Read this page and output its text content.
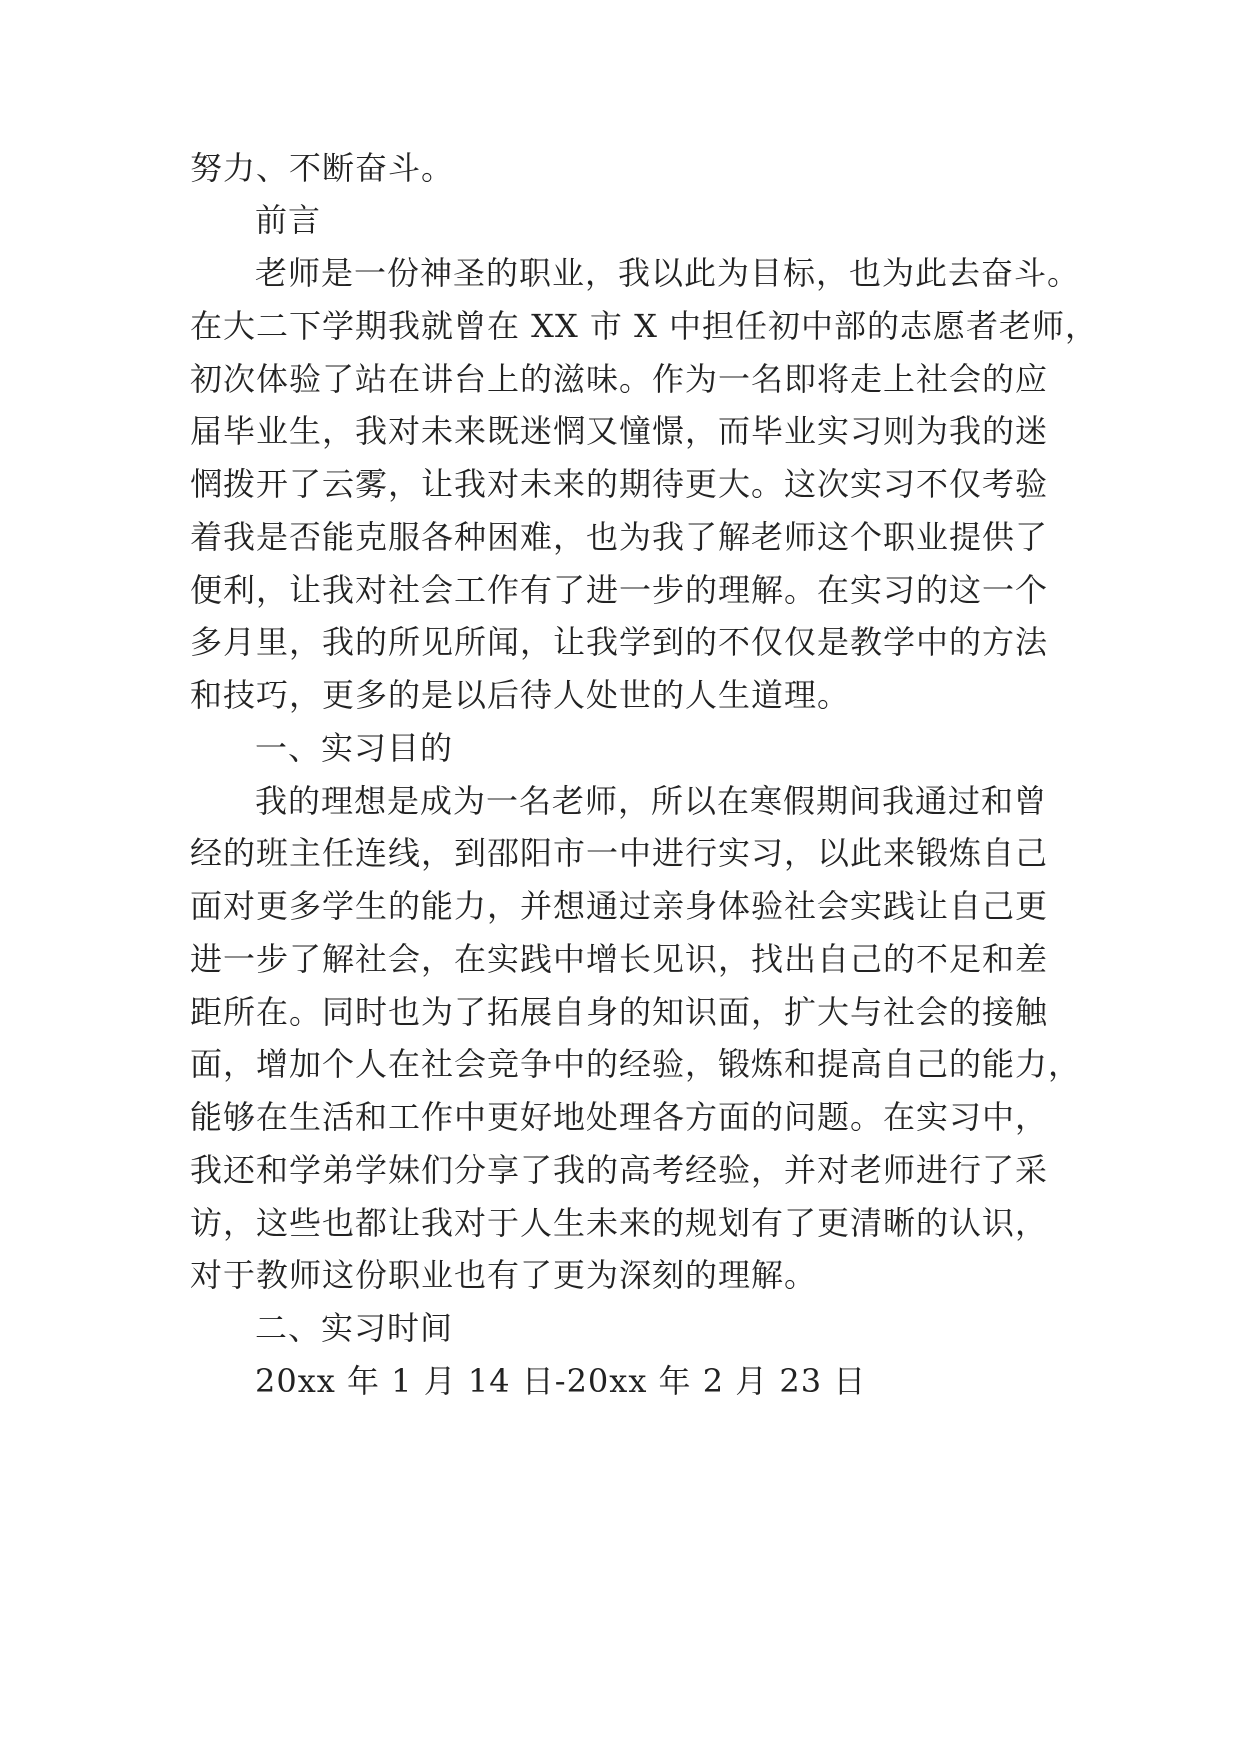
努力、不断奋斗。
前言
老师是一份神圣的职业，我以此为目标，也为此去奋斗。
在大二下学期我就曾在 XX 市 X 中担任初中部的志愿者老师，
初次体验了站在讲台上的滋味。作为一名即将走上社会的应
届毕业生，我对未来既迷惘又憧憬，而毕业实习则为我的迷
惘拨开了云雾，让我对未来的期待更大。这次实习不仅考验
着我是否能克服各种困难，也为我了解老师这个职业提供了
便利，让我对社会工作有了进一步的理解。在实习的这一个
多月里，我的所见所闻，让我学到的不仅仅是教学中的方法
和技巧，更多的是以后待人处世的人生道理。
一、实习目的
我的理想是成为一名老师，所以在寒假期间我通过和曾
经的班主任连线，到邵阳市一中进行实习，以此来锻炼自己
面对更多学生的能力，并想通过亲身体验社会实践让自己更
进一步了解社会，在实践中增长见识，找出自己的不足和差
距所在。同时也为了拓展自身的知识面，扩大与社会的接触
面，增加个人在社会竞争中的经验，锻炼和提高自己的能力，
能够在生活和工作中更好地处理各方面的问题。在实习中，
我还和学弟学妹们分享了我的高考经验，并对老师进行了采
访，这些也都让我对于人生未来的规划有了更清晰的认识，
对于教师这份职业也有了更为深刻的理解。
二、实习时间
20xx 年 1 月 14 日-20xx 年 2 月 23 日
